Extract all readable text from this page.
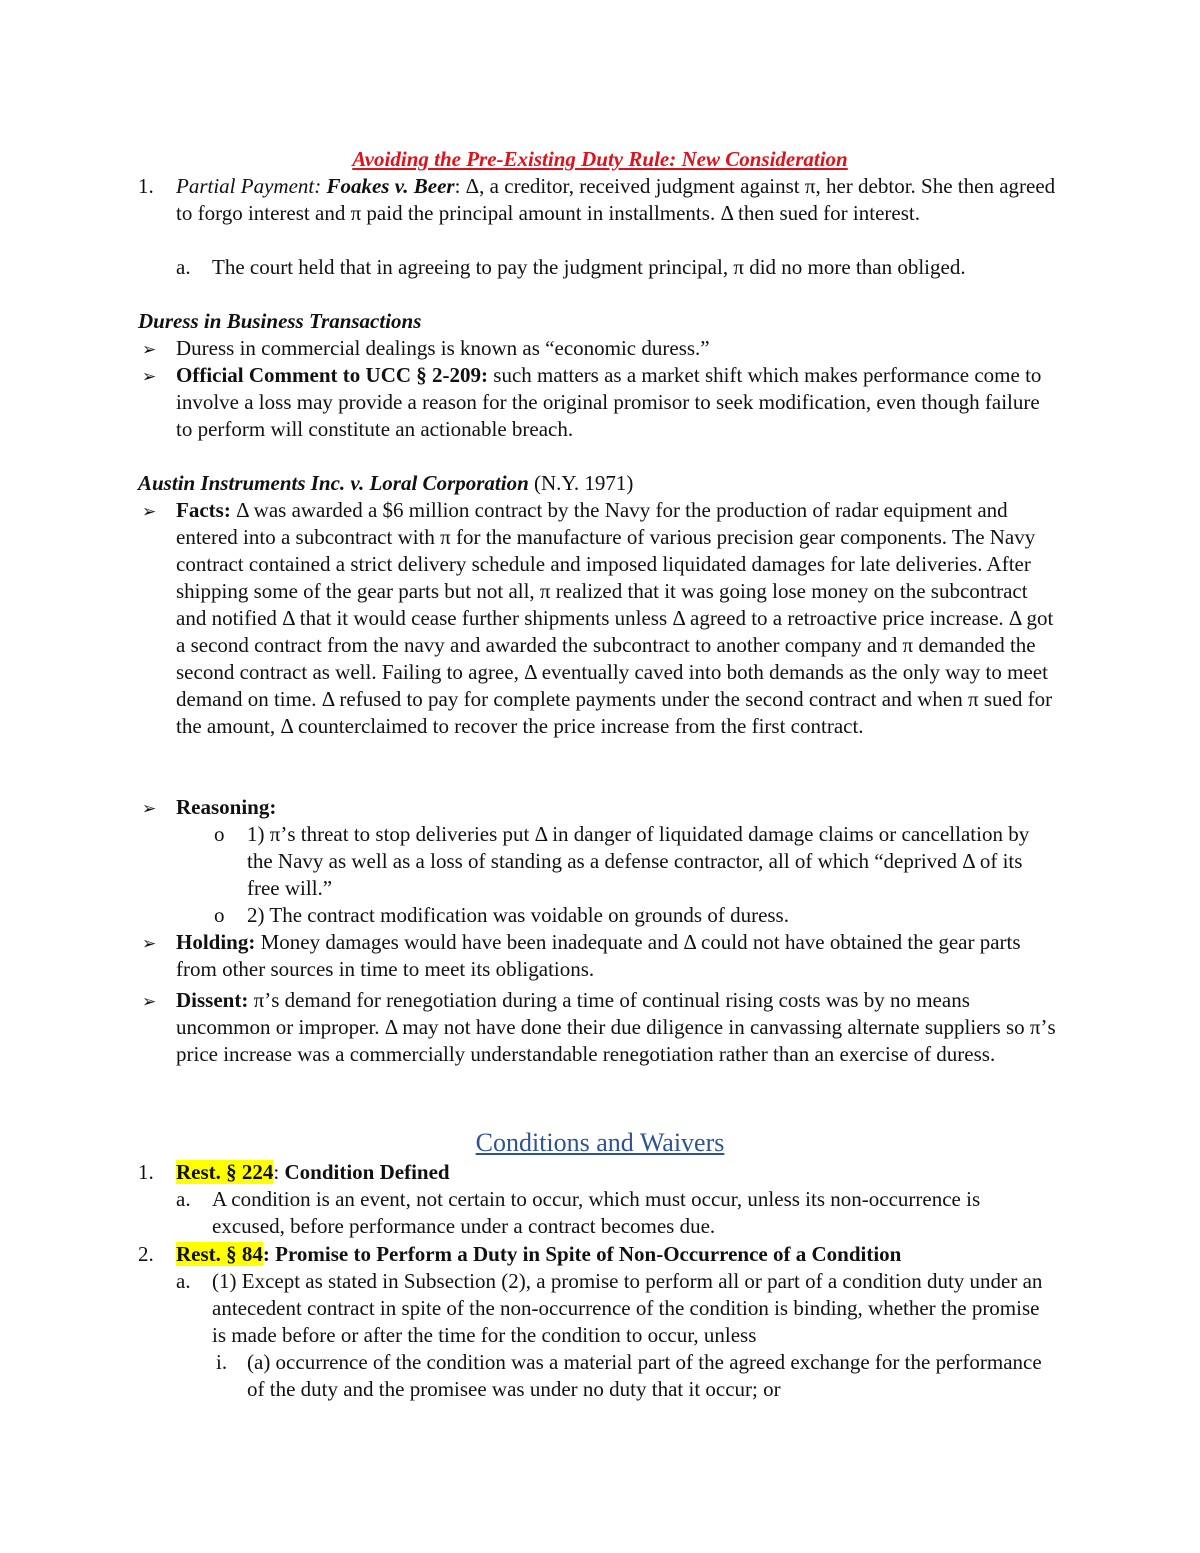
Avoiding the Pre-Existing Duty Rule: New Consideration
1. Partial Payment: Foakes v. Beer: Δ, a creditor, received judgment against π, her debtor. She then agreed to forgo interest and π paid the principal amount in installments. Δ then sued for interest.
a. The court held that in agreeing to pay the judgment principal, π did no more than obliged.
Duress in Business Transactions
➢ Duress in commercial dealings is known as “economic duress.”
➢ Official Comment to UCC § 2-209: such matters as a market shift which makes performance come to involve a loss may provide a reason for the original promisor to seek modification, even though failure to perform will constitute an actionable breach.
Austin Instruments Inc. v. Loral Corporation (N.Y. 1971)
➢ Facts: Δ was awarded a $6 million contract by the Navy for the production of radar equipment and entered into a subcontract with π for the manufacture of various precision gear components. The Navy contract contained a strict delivery schedule and imposed liquidated damages for late deliveries. After shipping some of the gear parts but not all, π realized that it was going lose money on the subcontract and notified Δ that it would cease further shipments unless Δ agreed to a retroactive price increase. Δ got a second contract from the navy and awarded the subcontract to another company and π demanded the second contract as well. Failing to agree, Δ eventually caved into both demands as the only way to meet demand on time. Δ refused to pay for complete payments under the second contract and when π sued for the amount, Δ counterclaimed to recover the price increase from the first contract.
➢ Reasoning:
o 1) π’s threat to stop deliveries put Δ in danger of liquidated damage claims or cancellation by the Navy as well as a loss of standing as a defense contractor, all of which “deprived Δ of its free will.”
o 2) The contract modification was voidable on grounds of duress.
➢ Holding: Money damages would have been inadequate and Δ could not have obtained the gear parts from other sources in time to meet its obligations.
➢ Dissent: π’s demand for renegotiation during a time of continual rising costs was by no means uncommon or improper. Δ may not have done their due diligence in canvassing alternate suppliers so π’s price increase was a commercially understandable renegotiation rather than an exercise of duress.
Conditions and Waivers
1. Rest. § 224: Condition Defined
a. A condition is an event, not certain to occur, which must occur, unless its non-occurrence is excused, before performance under a contract becomes due.
2. Rest. § 84: Promise to Perform a Duty in Spite of Non-Occurrence of a Condition
a. (1) Except as stated in Subsection (2), a promise to perform all or part of a condition duty under an antecedent contract in spite of the non-occurrence of the condition is binding, whether the promise is made before or after the time for the condition to occur, unless
i. (a) occurrence of the condition was a material part of the agreed exchange for the performance of the duty and the promisee was under no duty that it occur; or
